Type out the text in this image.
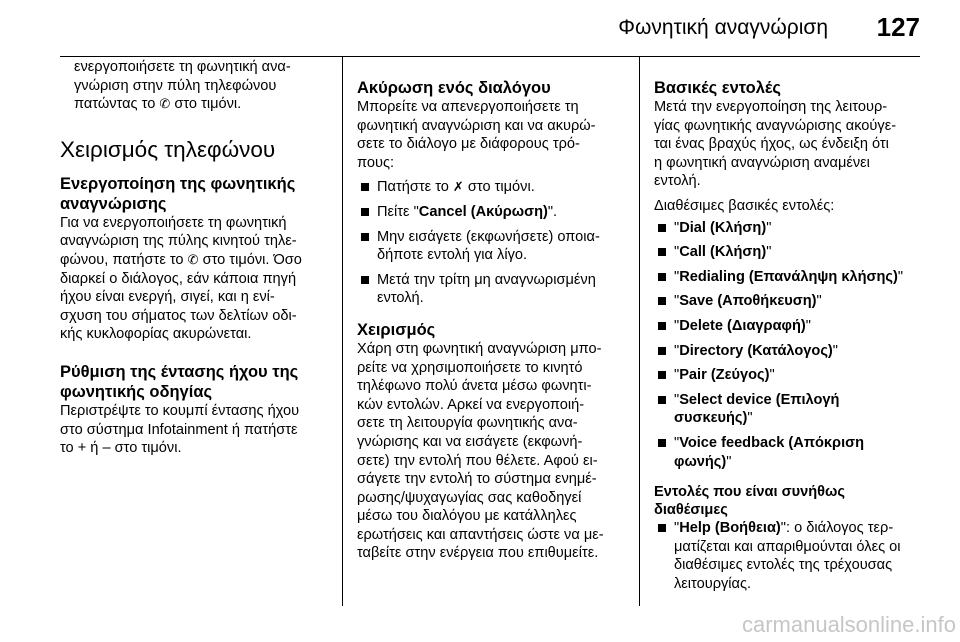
Φωνητική αναγνώριση 127

ενεργοποιήσετε τη φωνητική ανα-

γνώριση στην πύλη τηλεφώνου

πατώντας το ✆ στο τιμόνι.

Χειρισμός τηλεφώνου

Ενεργοποίηση της φωνητικής

αναγνώρισης

Για να ενεργοποιήσετε τη φωνητική

αναγνώριση της πύλης κινητού τηλε-

φώνου, πατήστε το ✆ στο τιμόνι. Όσο

διαρκεί ο διάλογος, εάν κάποια πηγή

ήχου είναι ενεργή, σιγεί, και η ενί-

σχυση του σήματος των δελτίων οδι-

κής κυκλοφορίας ακυρώνεται.

Ρύθμιση της έντασης ήχου της

φωνητικής οδηγίας

Περιστρέψτε το κουμπί έντασης ήχου

στο σύστημα Infotainment ή πατήστε

το + ή – στο τιμόνι.

Ακύρωση ενός διαλόγου

Μπορείτε να απενεργοποιήσετε τη

φωνητική αναγνώριση και να ακυρώ-

σετε το διάλογο με διάφορους τρό-

πους:

Πατήστε το ✗ στο τιμόνι.
Πείτε "Cancel (Ακύρωση)".

Μην εισάγετε (εκφωνήσετε) οποια-

δήποτε εντολή για λίγο.

Μετά την τρίτη μη αναγνωρισμένη

εντολή.

Χειρισμός

Χάρη στη φωνητική αναγνώριση μπο-

ρείτε να χρησιμοποιήσετε το κινητό

τηλέφωνο πολύ άνετα μέσω φωνητι-

κών εντολών. Αρκεί να ενεργοποιή-

σετε τη λειτουργία φωνητικής ανα-

γνώρισης και να εισάγετε (εκφωνή-

σετε) την εντολή που θέλετε. Αφού ει-

σάγετε την εντολή το σύστημα ενημέ-

ρωσης/ψυχαγωγίας σας καθοδηγεί

μέσω του διαλόγου με κατάλληλες

ερωτήσεις και απαντήσεις ώστε να με-

ταβείτε στην ενέργεια που επιθυμείτε.

Βασικές εντολές

Μετά την ενεργοποίηση της λειτουρ-

γίας φωνητικής αναγνώρισης ακούγε-

ται ένας βραχύς ήχος, ως ένδειξη ότι

η φωνητική αναγνώριση αναμένει

εντολή.

Διαθέσιμες βασικές εντολές:

"Dial (Κλήση)"
"Call (Κλήση)"
"Redialing (Επανάληψη κλήσης)"
"Save (Αποθήκευση)"
"Delete (Διαγραφή)"
"Directory (Κατάλογος)"
"Pair (Ζεύγος)"

"Select device (Επιλογή

συσκευής)"

"Voice feedback (Απόκριση

φωνής)"

Εντολές που είναι συνήθως

διαθέσιμες

"Help (Βοήθεια)": ο διάλογος τερ-

ματίζεται και απαριθμούνται όλες οι

διαθέσιμες εντολές της τρέχουσας

λειτουργίας.

carmanualsonline.info
